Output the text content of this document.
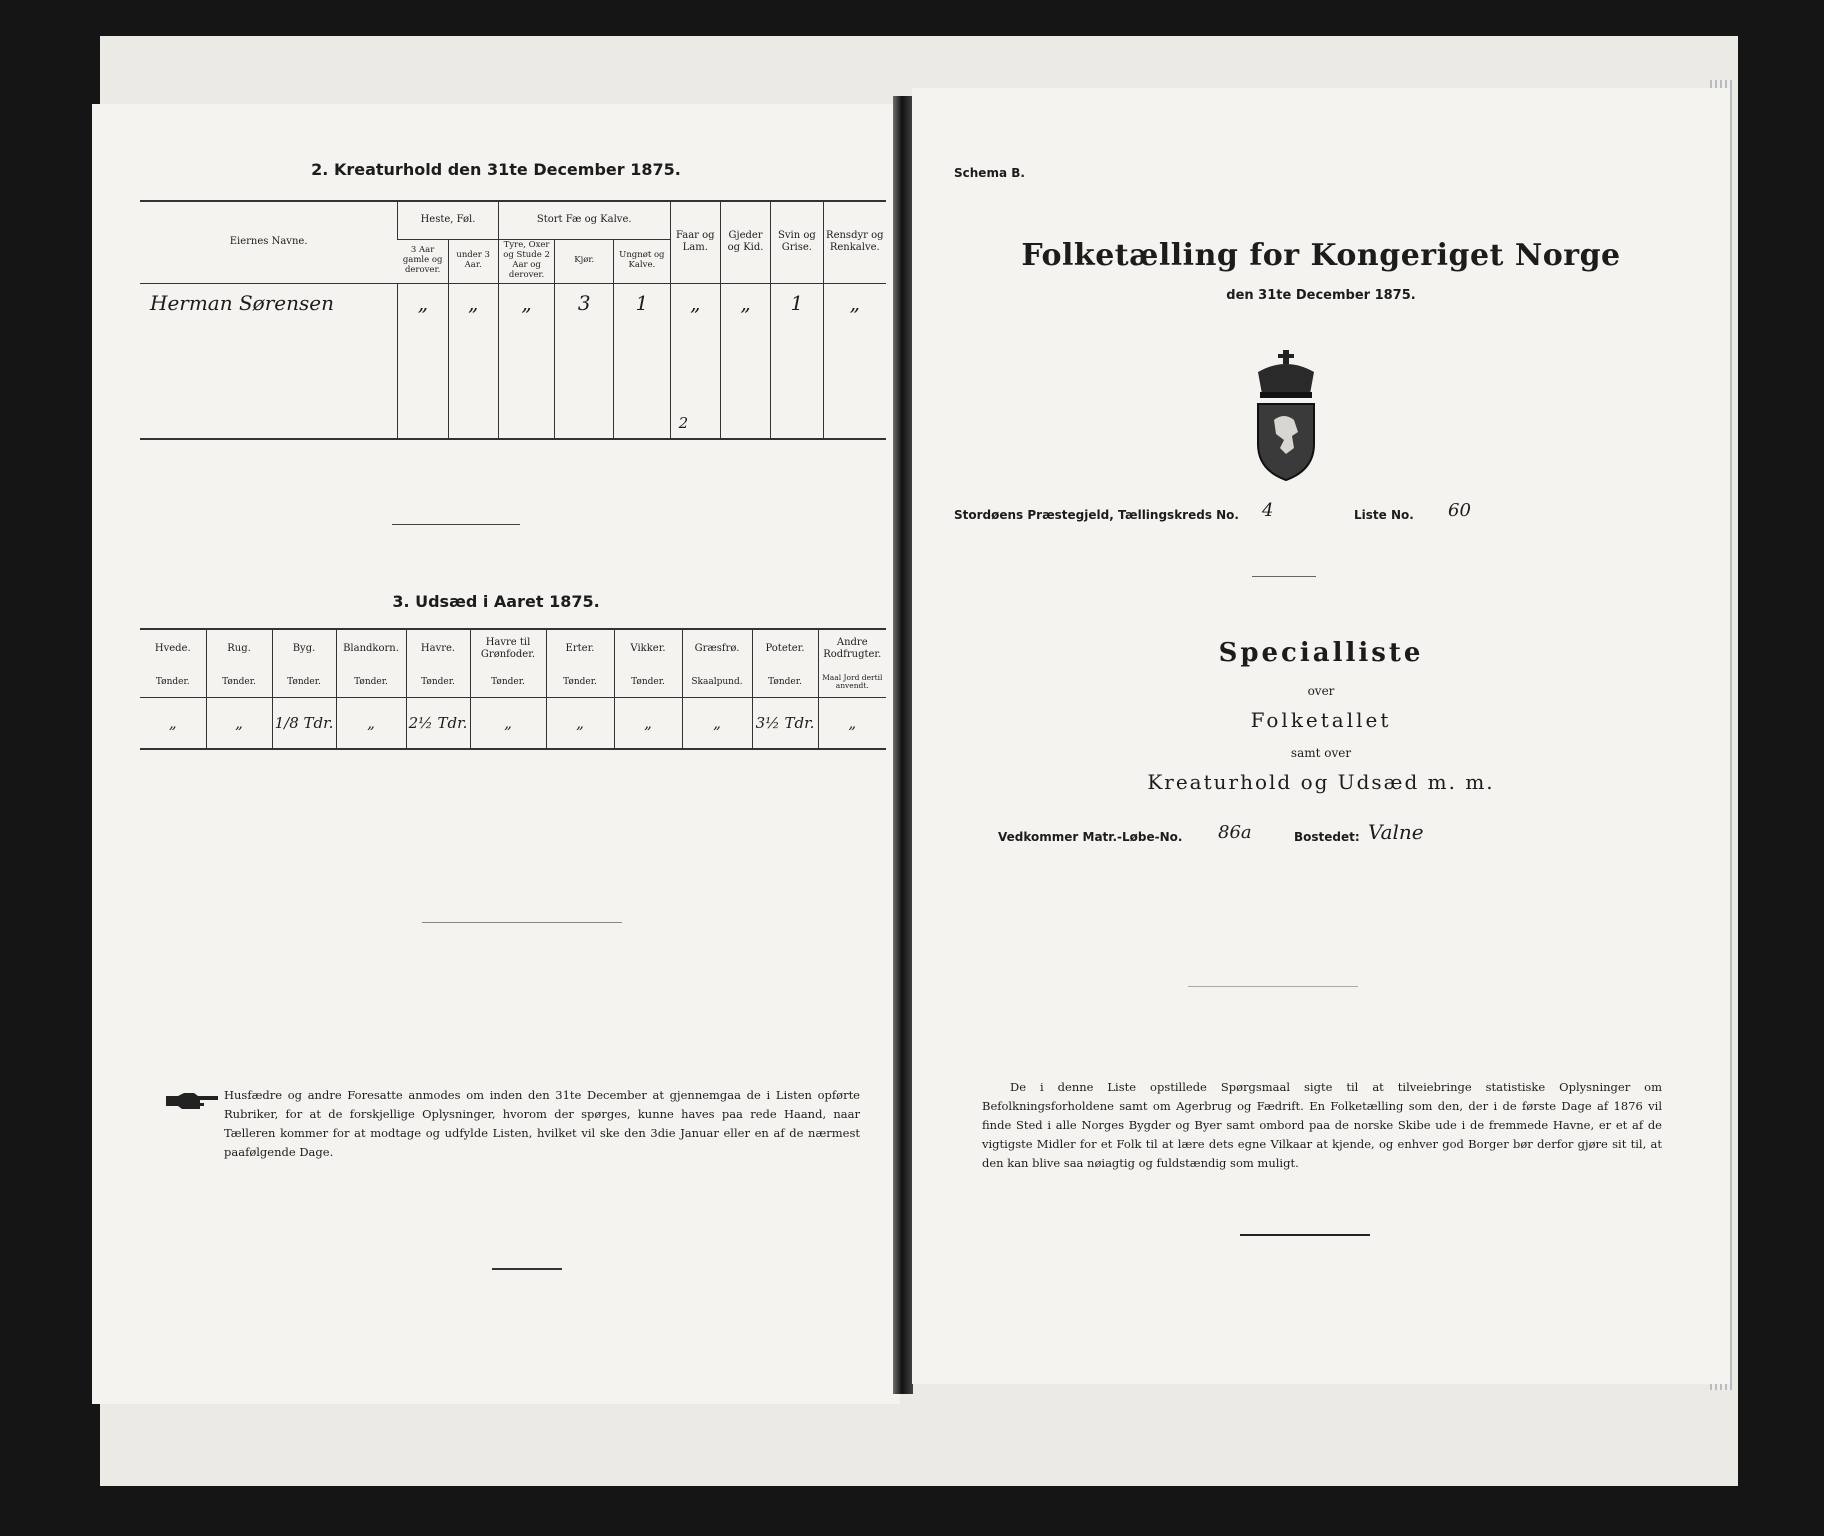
2. Kreaturhold den 31te December 1875.
Eiernes Navne.	Heste, Føl.		Stort Fæ og Kalve.			Faar og Lam.	Gjeder og Kid.	Svin og Grise.	Rensdyr og Renkalve.
	3 Aar gamle og derover.	under 3 Aar.	Tyre, Oxer og Stude 2 Aar og derover.	Kjør.	Ungnøt og Kalve.				
Herman Sørensen	„	„	„	3	1	„	„	1	„

						2			
3. Udsæd i Aaret 1875.
Hvede.	Rug.	Byg.	Blandkorn.	Havre.	Havre til Grønfoder.	Erter.	Vikker.	Græsfrø.	Poteter.	Andre Rodfrugter.
Tønder.	Tønder.	Tønder.	Tønder.	Tønder.	Tønder.	Tønder.	Tønder.	Skaalpund.	Tønder.	Maal Jord dertil anvendt.
„	„	1/8 Tdr.	„	2½ Tdr.	„	„	„	„	3½ Tdr.	„
Husfædre og andre Foresatte anmodes om inden den 31te December at gjennemgaa de i Listen opførte Rubriker, for at de forskjellige Oplysninger, hvorom der spørges, kunne haves paa rede Haand, naar Tælleren kommer for at modtage og udfylde Listen, hvilket vil ske den 3die Januar eller en af de nærmest paafølgende Dage.
Schema B.
Folketælling for Kongeriget Norge
den 31te December 1875.
Stordøens Præstegjeld, Tællingskreds No. 4	Liste No. 60
Specialliste
over
Folketallet
samt over
Kreaturhold og Udsæd m. m.
Vedkommer Matr.-Løbe-No. 86a	Bostedet: Valne
De i denne Liste opstillede Spørgsmaal sigte til at tilveiebringe statistiske Oplysninger om Befolkningsforholdene samt om Agerbrug og Fædrift. En Folketælling som den, der i de første Dage af 1876 vil finde Sted i alle Norges Bygder og Byer samt ombord paa de norske Skibe ude i de fremmede Havne, er et af de vigtigste Midler for et Folk til at lære dets egne Vilkaar at kjende, og enhver god Borger bør derfor gjøre sit til, at den kan blive saa nøiagtig og fuldstændig som muligt.
